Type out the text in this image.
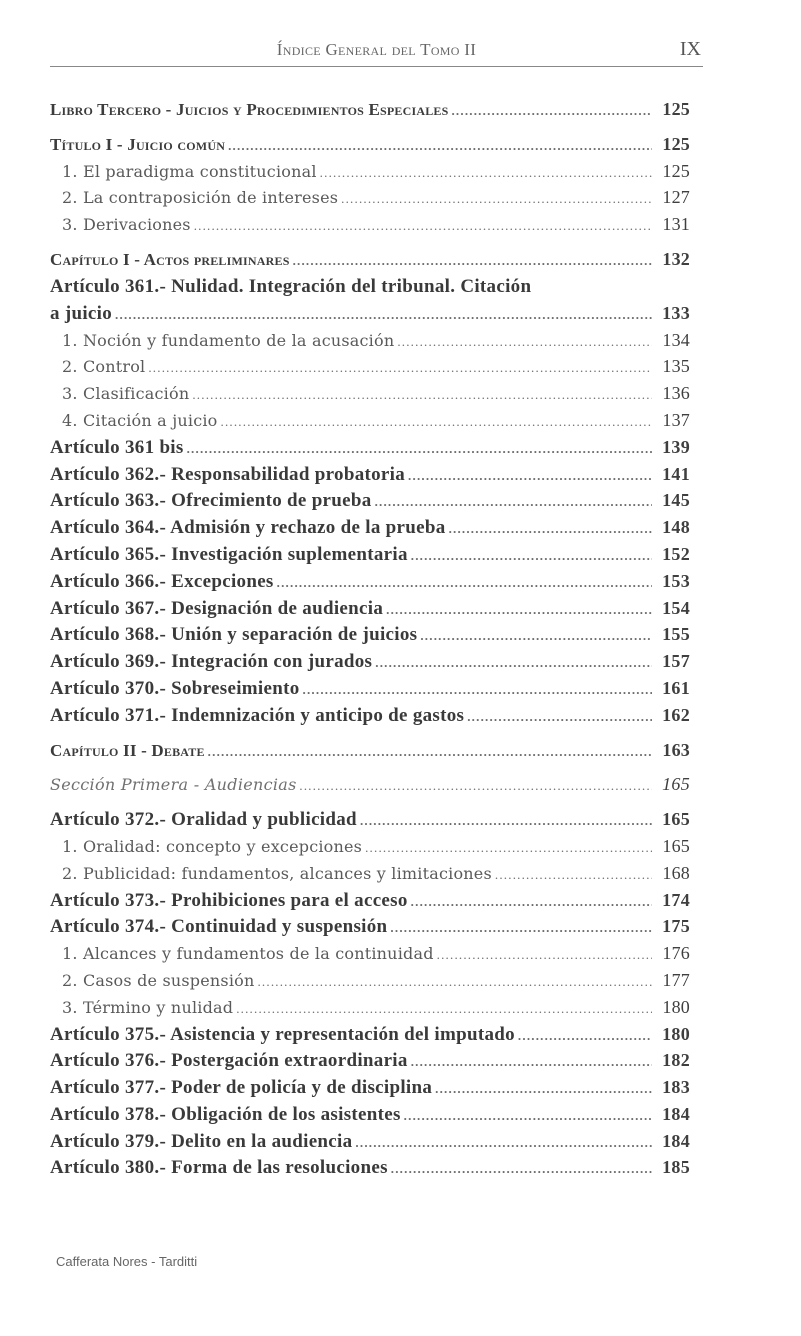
Índice General del Tomo II	IX
Libro Tercero - Juicios y Procedimientos Especiales .....	125
Título I - Juicio común .....	125
1. El paradigma constitucional .....	125
2. La contraposición de intereses .....	127
3. Derivaciones .....	131
Capítulo I - Actos preliminares .....	132
Artículo 361.- Nulidad. Integración del tribunal. Citación
a juicio .....	133
1. Noción y fundamento de la acusación .....	134
2. Control .....	135
3. Clasificación .....	136
4. Citación a juicio .....	137
Artículo 361 bis .....	139
Artículo 362.- Responsabilidad probatoria .....	141
Artículo 363.- Ofrecimiento de prueba .....	145
Artículo 364.- Admisión y rechazo de la prueba .....	148
Artículo 365.- Investigación suplementaria .....	152
Artículo 366.- Excepciones .....	153
Artículo 367.- Designación de audiencia .....	154
Artículo 368.- Unión y separación de juicios .....	155
Artículo 369.- Integración con jurados .....	157
Artículo 370.- Sobreseimiento .....	161
Artículo 371.- Indemnización y anticipo de gastos .....	162
Capítulo II - Debate .....	163
Sección Primera - Audiencias .....	165
Artículo 372.- Oralidad y publicidad .....	165
1. Oralidad: concepto y excepciones .....	165
2. Publicidad: fundamentos, alcances y limitaciones .....	168
Artículo 373.- Prohibiciones para el acceso .....	174
Artículo 374.- Continuidad y suspensión .....	175
1. Alcances y fundamentos de la continuidad .....	176
2. Casos de suspensión .....	177
3. Término y nulidad .....	180
Artículo 375.- Asistencia y representación del imputado .....	180
Artículo 376.- Postergación extraordinaria .....	182
Artículo 377.- Poder de policía y de disciplina .....	183
Artículo 378.- Obligación de los asistentes .....	184
Artículo 379.- Delito en la audiencia .....	184
Artículo 380.- Forma de las resoluciones .....	185
Cafferata Nores - Tarditti
